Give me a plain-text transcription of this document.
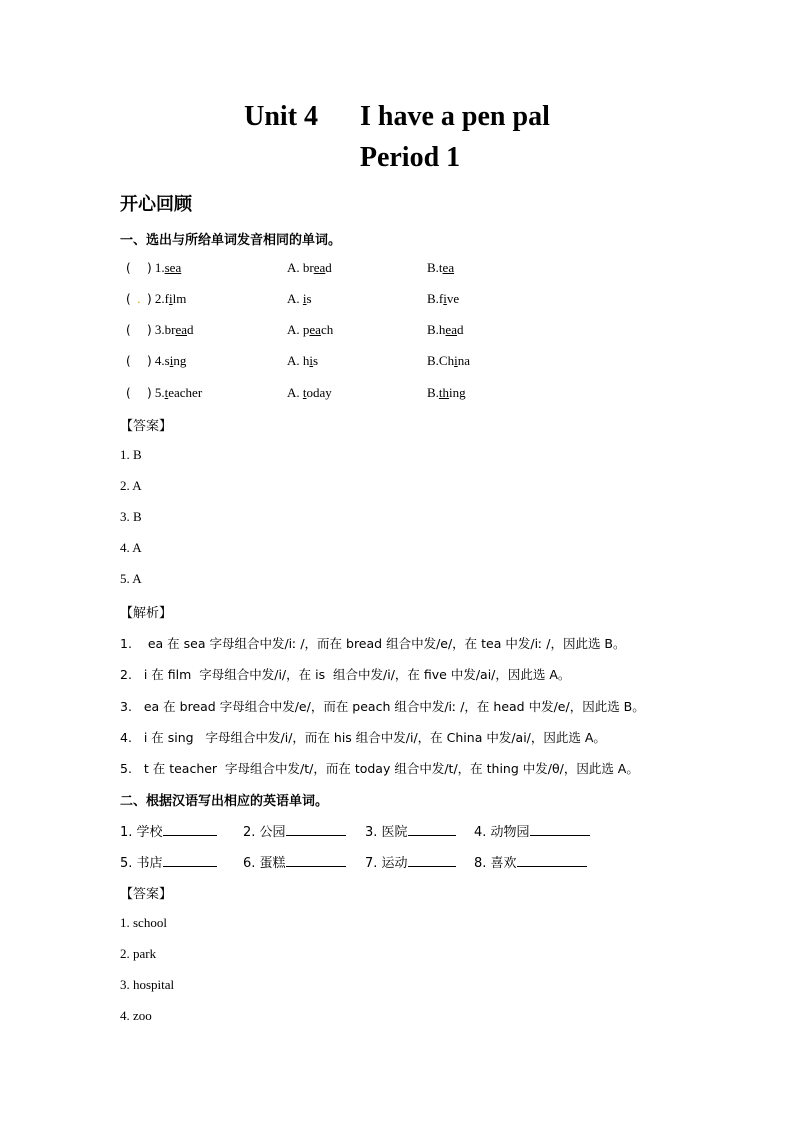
Unit 4      I have a pen pal
Period 1
开心回顾
一、选出与所给单词发音相同的单词。
( ) 1.sea	A. bread	B.tea
(  .  ) 2.film	A. is	B.five
( ) 3.bread	A. peach	B.head
( ) 4.sing	A. his	B.China
( ) 5.teacher	A. today	B.thing
【答案】
1. B
2. A
3. B
4. A
5. A
【解析】
1.    ea 在 sea 字母组合中发/iː /，而在 bread 组合中发/e/，在 tea 中发/iː /，因此选 B。
2.   i 在 film  字母组合中发/i/，在 is  组合中发/i/，在 five 中发/ai/，因此选 A。
3.   ea 在 bread 字母组合中发/e/，而在 peach 组合中发/iː /，在 head 中发/e/，因此选 B。
4.   i 在 sing   字母组合中发/i/，而在 his 组合中发/i/，在 China 中发/ai/，因此选 A。
5.   t 在 teacher  字母组合中发/t/，而在 today 组合中发/t/，在 thing 中发/θ/，因此选 A。
二、根据汉语写出相应的英语单词。
1. 学校	2. 公园	3. 医院	4. 动物园
5. 书店	6. 蛋糕	7. 运动	8. 喜欢
【答案】
1. school
2. park
3. hospital
4. zoo
